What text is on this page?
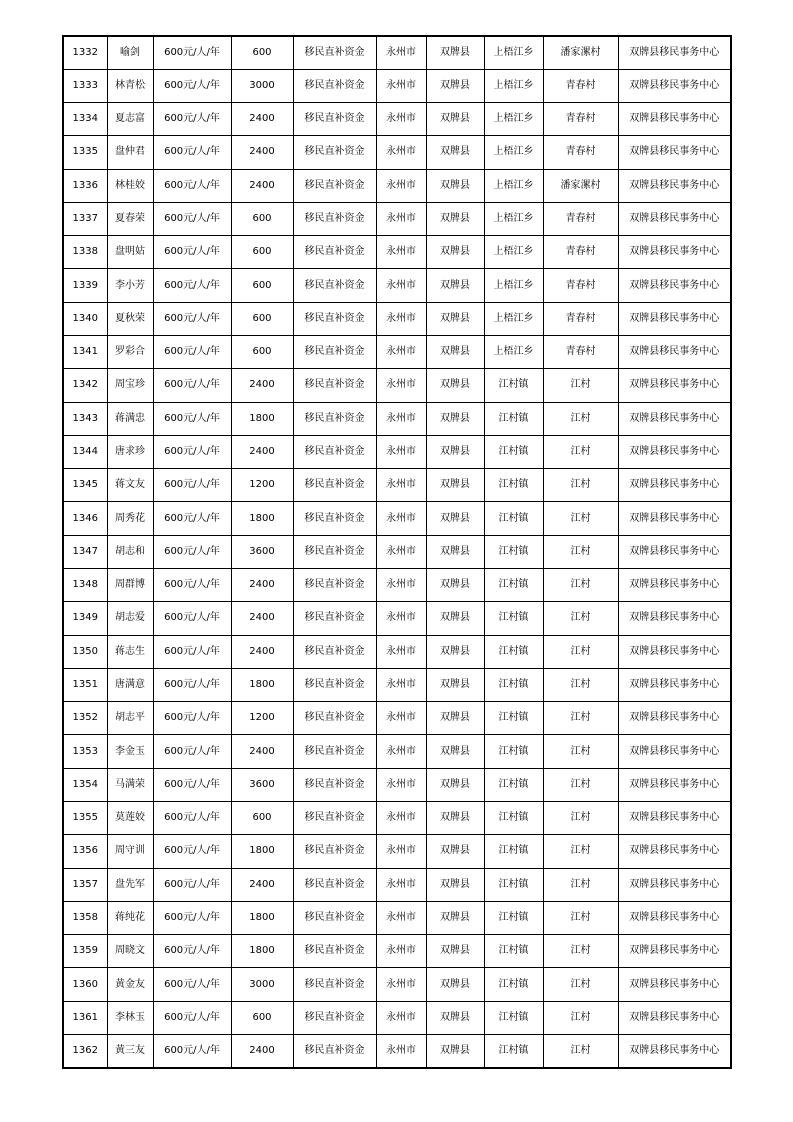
1332	喻剑	600元/人/年	600	移民直补资金	永州市	双牌县	上梧江乡	潘家漯村	双牌县移民事务中心
1333	林青松	600元/人/年	3000	移民直补资金	永州市	双牌县	上梧江乡	青春村	双牌县移民事务中心
1334	夏志富	600元/人/年	2400	移民直补资金	永州市	双牌县	上梧江乡	青春村	双牌县移民事务中心
1335	盘仲君	600元/人/年	2400	移民直补资金	永州市	双牌县	上梧江乡	青春村	双牌县移民事务中心
1336	林桂姣	600元/人/年	2400	移民直补资金	永州市	双牌县	上梧江乡	潘家漯村	双牌县移民事务中心
1337	夏春荣	600元/人/年	600	移民直补资金	永州市	双牌县	上梧江乡	青春村	双牌县移民事务中心
1338	盘明姑	600元/人/年	600	移民直补资金	永州市	双牌县	上梧江乡	青春村	双牌县移民事务中心
1339	李小芳	600元/人/年	600	移民直补资金	永州市	双牌县	上梧江乡	青春村	双牌县移民事务中心
1340	夏秋荣	600元/人/年	600	移民直补资金	永州市	双牌县	上梧江乡	青春村	双牌县移民事务中心
1341	罗彩合	600元/人/年	600	移民直补资金	永州市	双牌县	上梧江乡	青春村	双牌县移民事务中心
1342	周宝珍	600元/人/年	2400	移民直补资金	永州市	双牌县	江村镇	江村	双牌县移民事务中心
1343	蒋满忠	600元/人/年	1800	移民直补资金	永州市	双牌县	江村镇	江村	双牌县移民事务中心
1344	唐求珍	600元/人/年	2400	移民直补资金	永州市	双牌县	江村镇	江村	双牌县移民事务中心
1345	蒋文友	600元/人/年	1200	移民直补资金	永州市	双牌县	江村镇	江村	双牌县移民事务中心
1346	周秀花	600元/人/年	1800	移民直补资金	永州市	双牌县	江村镇	江村	双牌县移民事务中心
1347	胡志和	600元/人/年	3600	移民直补资金	永州市	双牌县	江村镇	江村	双牌县移民事务中心
1348	周群博	600元/人/年	2400	移民直补资金	永州市	双牌县	江村镇	江村	双牌县移民事务中心
1349	胡志爱	600元/人/年	2400	移民直补资金	永州市	双牌县	江村镇	江村	双牌县移民事务中心
1350	蒋志生	600元/人/年	2400	移民直补资金	永州市	双牌县	江村镇	江村	双牌县移民事务中心
1351	唐满意	600元/人/年	1800	移民直补资金	永州市	双牌县	江村镇	江村	双牌县移民事务中心
1352	胡志平	600元/人/年	1200	移民直补资金	永州市	双牌县	江村镇	江村	双牌县移民事务中心
1353	李金玉	600元/人/年	2400	移民直补资金	永州市	双牌县	江村镇	江村	双牌县移民事务中心
1354	马满荣	600元/人/年	3600	移民直补资金	永州市	双牌县	江村镇	江村	双牌县移民事务中心
1355	莫莲姣	600元/人/年	600	移民直补资金	永州市	双牌县	江村镇	江村	双牌县移民事务中心
1356	周守训	600元/人/年	1800	移民直补资金	永州市	双牌县	江村镇	江村	双牌县移民事务中心
1357	盘先军	600元/人/年	2400	移民直补资金	永州市	双牌县	江村镇	江村	双牌县移民事务中心
1358	蒋纯花	600元/人/年	1800	移民直补资金	永州市	双牌县	江村镇	江村	双牌县移民事务中心
1359	周晓文	600元/人/年	1800	移民直补资金	永州市	双牌县	江村镇	江村	双牌县移民事务中心
1360	黄金友	600元/人/年	3000	移民直补资金	永州市	双牌县	江村镇	江村	双牌县移民事务中心
1361	李林玉	600元/人/年	600	移民直补资金	永州市	双牌县	江村镇	江村	双牌县移民事务中心
1362	黄三友	600元/人/年	2400	移民直补资金	永州市	双牌县	江村镇	江村	双牌县移民事务中心
